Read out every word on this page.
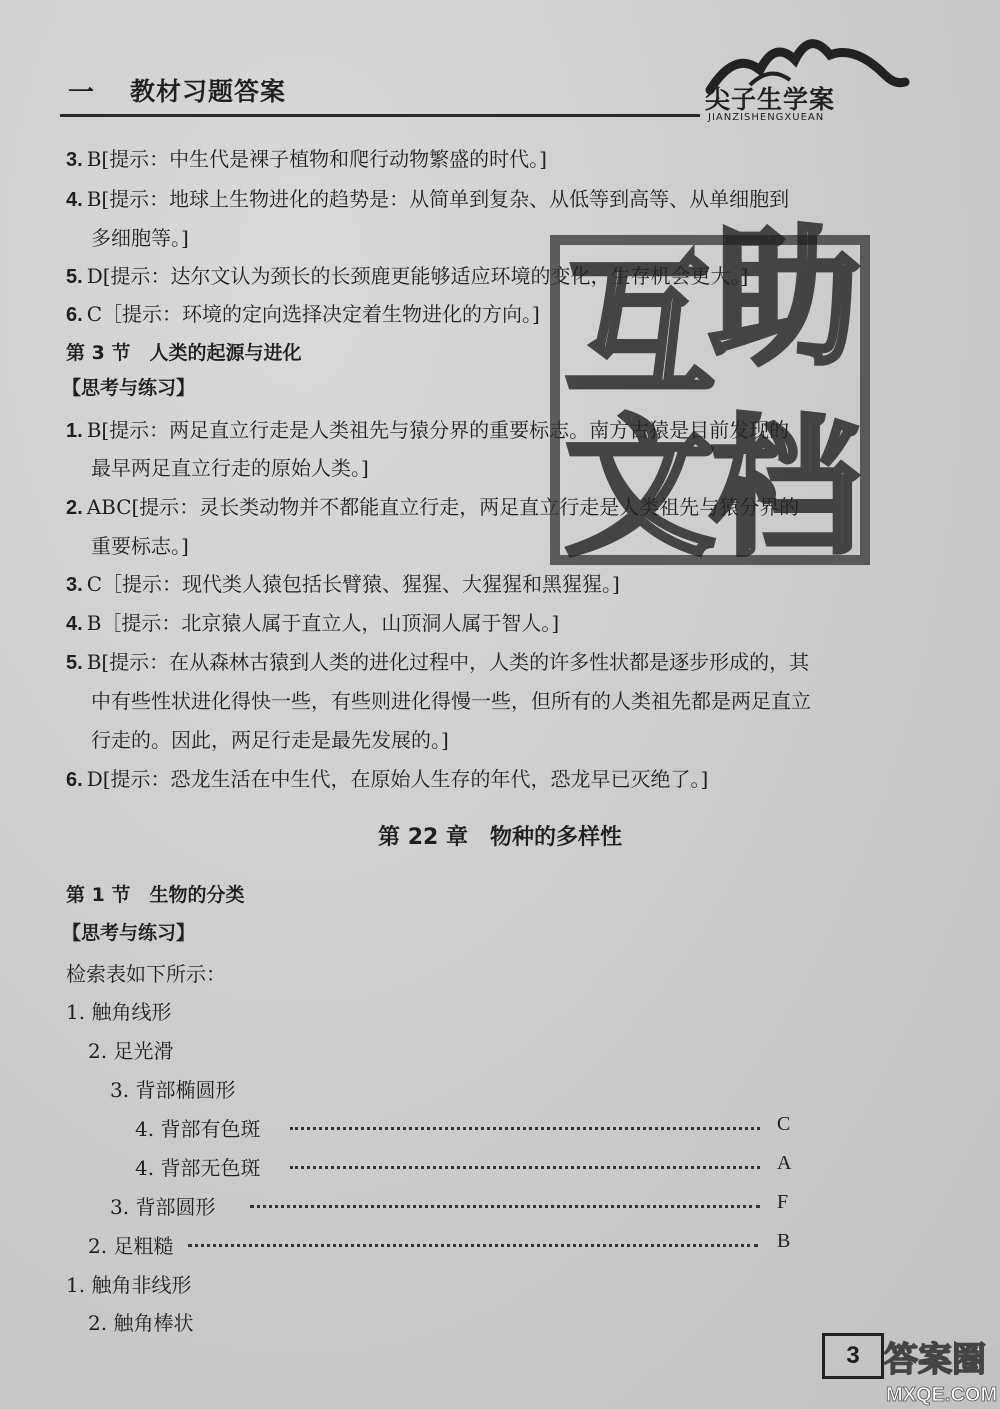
一 教材习题答案	尖子生学案
JIANZISHENGXUEAN
3. B[提示：中生代是裸子植物和爬行动物繁盛的时代。]
4. B[提示：地球上生物进化的趋势是：从简单到复杂、从低等到高等、从单细胞到
多细胞等。]
5. D[提示：达尔文认为颈长的长颈鹿更能够适应环境的变化，生存机会更大。]
6. C［提示：环境的定向选择决定着生物进化的方向。]
第 3 节　人类的起源与进化
【思考与练习】
1. B[提示：两足直立行走是人类祖先与猿分界的重要标志。南方古猿是目前发现的
最早两足直立行走的原始人类。]
2. ABC[提示：灵长类动物并不都能直立行走，两足直立行走是人类祖先与猿分界的
重要标志。]
3. C［提示：现代类人猿包括长臂猿、猩猩、大猩猩和黑猩猩。]
4. B［提示：北京猿人属于直立人，山顶洞人属于智人。]
5. B[提示：在从森林古猿到人类的进化过程中，人类的许多性状都是逐步形成的，其
中有些性状进化得快一些，有些则进化得慢一些，但所有的人类祖先都是两足直立
行走的。因此，两足行走是最先发展的。]
6. D[提示：恐龙生活在中生代，在原始人生存的年代，恐龙早已灭绝了。]
第 22 章　物种的多样性
第 1 节　生物的分类
【思考与练习】
检索表如下所示：
1. 触角线形
2. 足光滑
3. 背部椭圆形
4. 背部有色斑	C
4. 背部无色斑	A
3. 背部圆形	F
2. 足粗糙	B
1. 触角非线形
2. 触角棒状
互
助
文
档
3 答案圈
MXQE.COM
